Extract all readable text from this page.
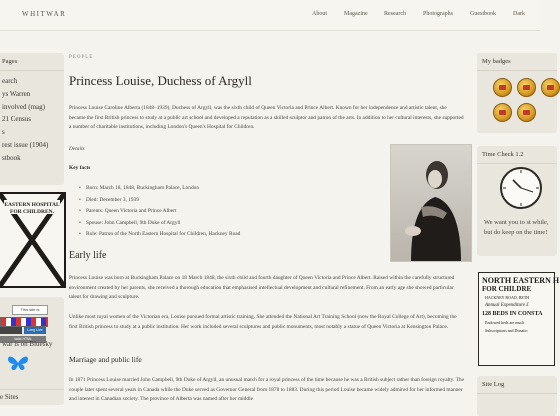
WHITWAR	About	Magazine	Research	Photographs	Guestbook	Dark
Pages
earch
ys Warren
involved (mag)
21 Census
s
rest issue (1904)
stbook
EASTERN HOSPITAL
FOR CHILDREN.
This site is
Long Live
Valid HTML
war is on Bluesky
e Sites
PEOPLE
Princess Louise, Duchess of Argyll
Princess Louise Caroline Alberta (1848–1939), Duchess of Argyll, was the sixth child of Queen Victoria and Prince Albert. Known for her independence and artistic talent, she became the first British princess to study at a public art school and developed a reputation as a skilled sculptor and patron of the arts. In addition to her cultural interests, she supported a number of charitable institutions, including London's Queen's Hospital for Children.
Details
Key facts
• Born: March 18, 1848, Buckingham Palace, London
• Died: December 3, 1939
• Parents: Queen Victoria and Prince Albert
• Spouse: John Campbell, 9th Duke of Argyll
• Role: Patron of the North Eastern Hospital for Children, Hackney Road
Early life
Princess Louise was born at Buckingham Palace on 18 March 1848, the sixth child and fourth daughter of Queen Victoria and Prince Albert. Raised within the carefully structured environment created by her parents, she received a thorough education that emphasised intellectual development and cultural refinement. From an early age she showed particular talent for drawing and sculpture.
Unlike most royal women of the Victorian era, Louise pursued formal artistic training. She attended the National Art Training School (now the Royal College of Art), becoming the first British princess to study at a public institution. Her work included several sculptures and public monuments, most notably a statue of Queen Victoria at Kensington Palace.
Marriage and public life
In 1871 Princess Louise married John Campbell, 9th Duke of Argyll, an unusual match for a royal princess of the time because he was a British subject rather than foreign royalty. The couple later spent several years in Canada while the Duke served as Governor General from 1878 to 1883. During this period Louise became widely admired for her informed manner and interest in Canadian society. The province of Alberta was named after her middle
My badges
Time Check 1.2
We want you to st while, but do keep on the time!
NORTH EASTERN H
FOR CHILDRE
HACKNEY ROAD, BETH
Annual Expenditure £
128 BEDS IN CONSTA
Endowed beds are much
Subscriptions and Donatio
Site Log
